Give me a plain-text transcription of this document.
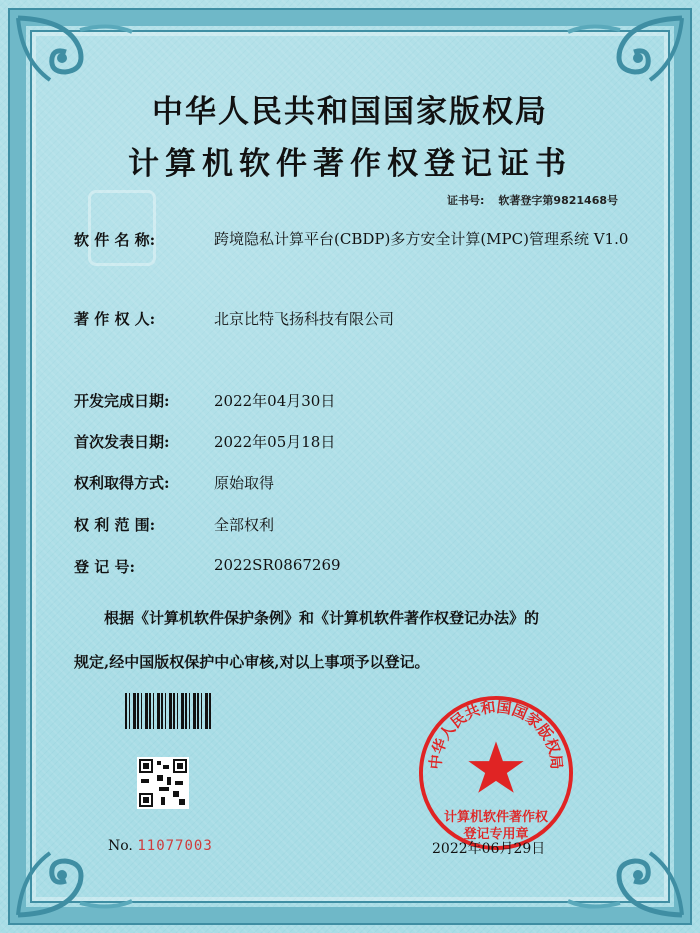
中华人民共和国国家版权局
计算机软件著作权登记证书
证书号: 软著登字第9821468号
软 件 名 称:	跨境隐私计算平台(CBDP)多方安全计算(MPC)管理系统 V1.0
著 作 权 人:	北京比特飞扬科技有限公司
开发完成日期:	2022年04月30日
首次发表日期:	2022年05月18日
权利取得方式:	原始取得
权 利 范 围:	全部权利
登 记 号:	2022SR0867269
根据《计算机软件保护条例》和《计算机软件著作权登记办法》的
规定,经中国版权保护中心审核,对以上事项予以登记。
No. 11077003
中华人民共和国国家版权局
计算机软件著作权
登记专用章
2022年06月29日
